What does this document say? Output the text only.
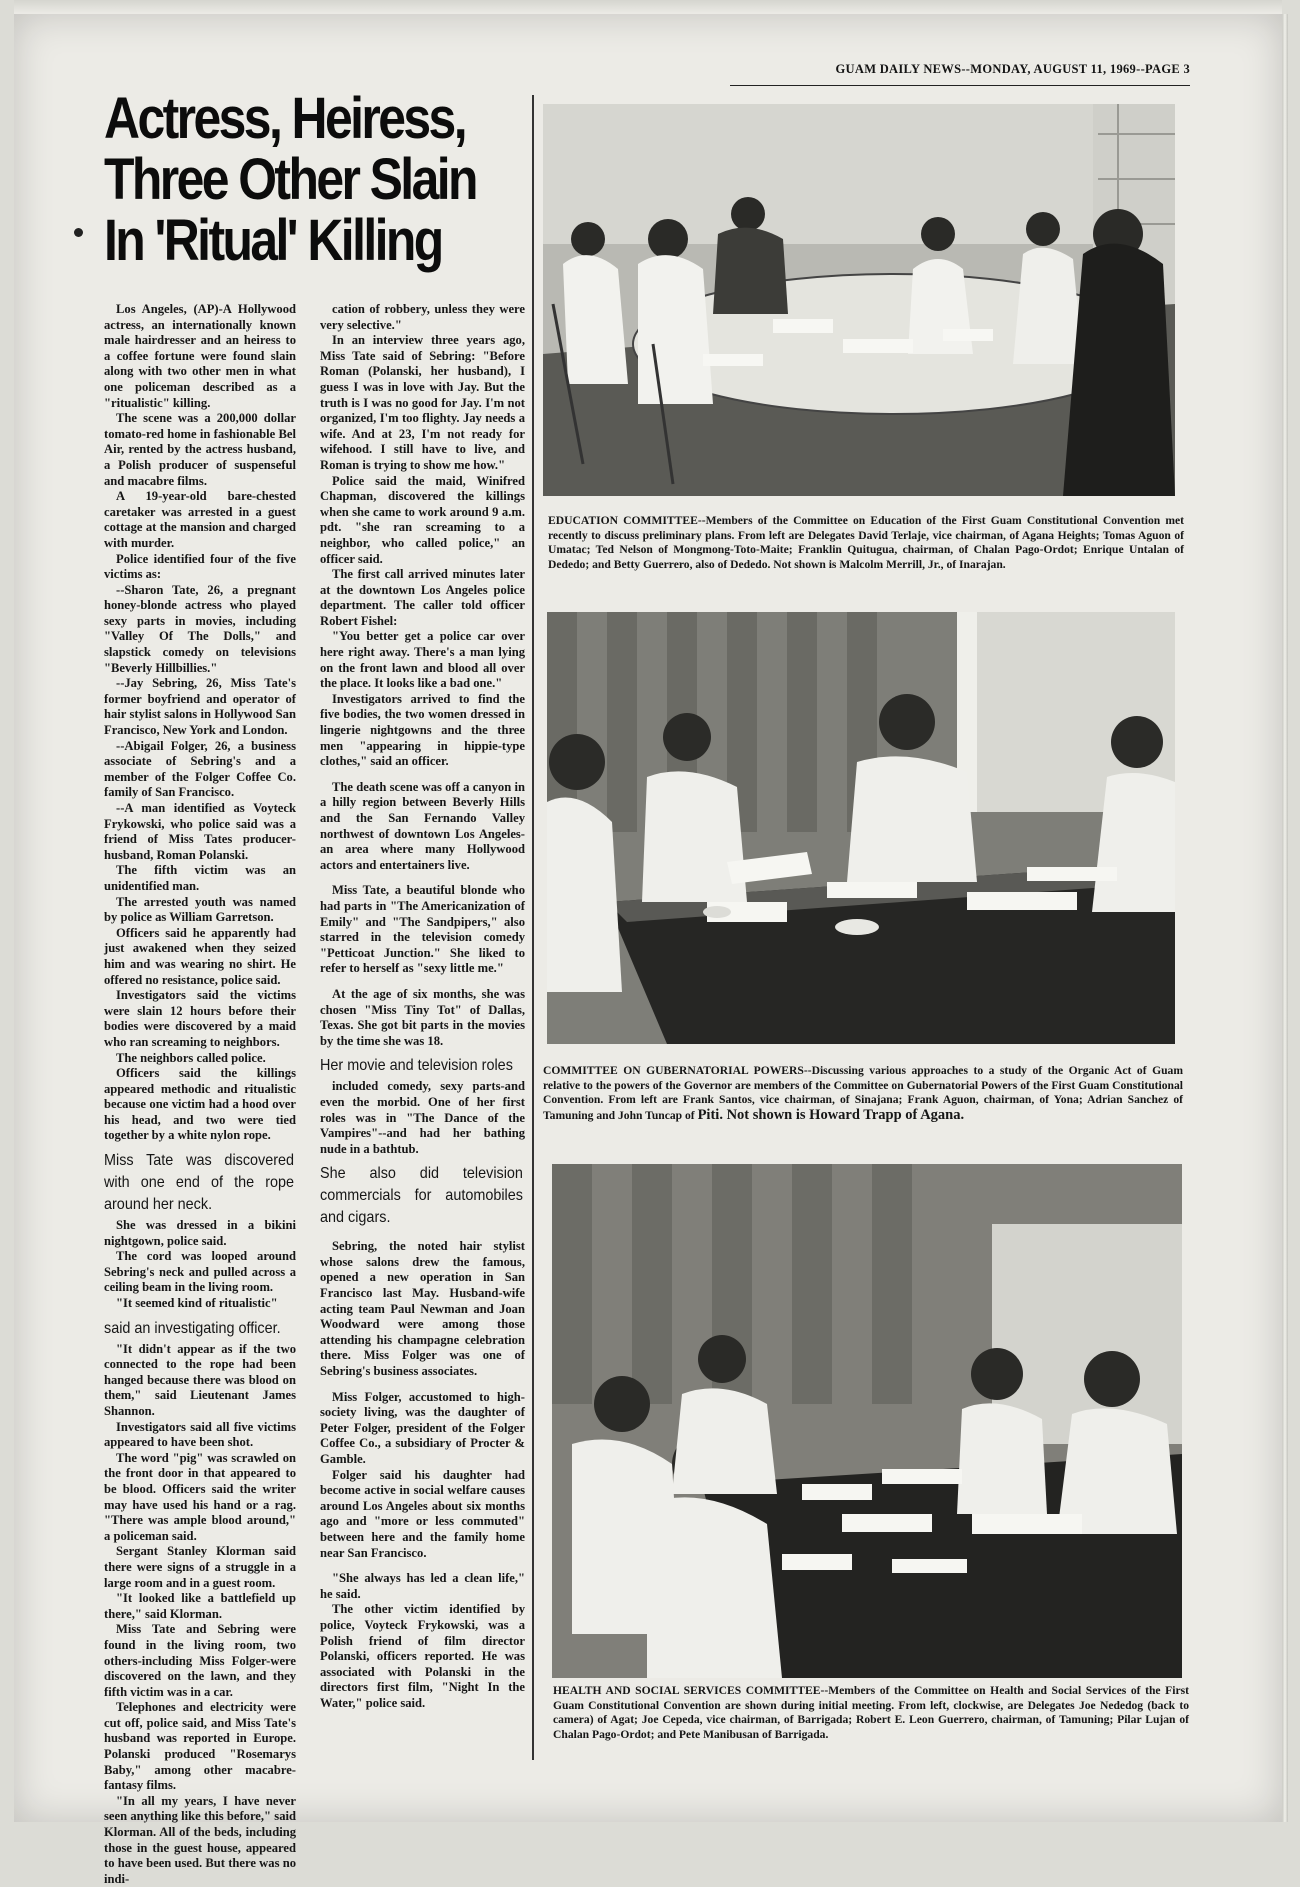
GUAM DAILY NEWS--MONDAY, AUGUST 11, 1969--PAGE 3
Actress, Heiress,
Three Other Slain
In 'Ritual' Killing

Los Angeles, (AP)-A Hollywood actress, an internationally known male hairdresser and an heiress to a coffee fortune were found slain along with two other men in what one policeman described as a "ritualistic" killing.

The scene was a 200,000 dollar tomato-red home in fashionable Bel Air, rented by the actress husband, a Polish producer of suspenseful and macabre films.

A 19-year-old bare-chested caretaker was arrested in a guest cottage at the mansion and charged with murder.

Police identified four of the five victims as:

--Sharon Tate, 26, a pregnant honey-blonde actress who played sexy parts in movies, including "Valley Of The Dolls," and slapstick comedy on televisions "Beverly Hillbillies."

--Jay Sebring, 26, Miss Tate's former boyfriend and operator of hair stylist salons in Hollywood San Francisco, New York and London.

--Abigail Folger, 26, a business associate of Sebring's and a member of the Folger Coffee Co. family of San Francisco.

--A man identified as Voyteck Frykowski, who police said was a friend of Miss Tates producer-husband, Roman Polanski.

The fifth victim was an unidentified man.

The arrested youth was named by police as William Garretson.

Officers said he apparently had just awakened when they seized him and was wearing no shirt. He offered no resistance, police said.

Investigators said the victims were slain 12 hours before their bodies were discovered by a maid who ran screaming to neighbors.

The neighbors called police.

Officers said the killings appeared methodic and ritualistic because one victim had a hood over his head, and two were tied together by a white nylon rope.

Miss Tate was discovered with one end of the rope around her neck.

She was dressed in a bikini nightgown, police said.

The cord was looped around Sebring's neck and pulled across a ceiling beam in the living room.

"It seemed kind of ritualistic"

said an investigating officer.

"It didn't appear as if the two connected to the rope had been hanged because there was blood on them," said Lieutenant James Shannon.

Investigators said all five victims appeared to have been shot.

The word "pig" was scrawled on the front door in that appeared to be blood. Officers said the writer may have used his hand or a rag. "There was ample blood around," a policeman said.

Sergant Stanley Klorman said there were signs of a struggle in a large room and in a guest room.

"It looked like a battlefield up there," said Klorman.

Miss Tate and Sebring were found in the living room, two others-including Miss Folger-were discovered on the lawn, and they fifth victim was in a car.

Telephones and electricity were cut off, police said, and Miss Tate's husband was reported in Europe. Polanski produced "Rosemarys Baby," among other macabre-fantasy films.

"In all my years, I have never seen anything like this before," said Klorman. All of the beds, including those in the guest house, appeared to have been used. But there was no indi-

cation of robbery, unless they were very selective."

In an interview three years ago, Miss Tate said of Sebring: "Before Roman (Polanski, her husband), I guess I was in love with Jay. But the truth is I was no good for Jay. I'm not organized, I'm too flighty. Jay needs a wife. And at 23, I'm not ready for wifehood. I still have to live, and Roman is trying to show me how."

Police said the maid, Winifred Chapman, discovered the killings when she came to work around 9 a.m. pdt. "she ran screaming to a neighbor, who called police," an officer said.

The first call arrived minutes later at the downtown Los Angeles police department. The caller told officer Robert Fishel:

"You better get a police car over here right away. There's a man lying on the front lawn and blood all over the place. It looks like a bad one."

Investigators arrived to find the five bodies, the two women dressed in lingerie nightgowns and the three men "appearing in hippie-type clothes," said an officer.

The death scene was off a canyon in a hilly region between Beverly Hills and the San Fernando Valley northwest of downtown Los Angeles-an area where many Hollywood actors and entertainers live.

Miss Tate, a beautiful blonde who had parts in "The Americanization of Emily" and "The Sandpipers," also starred in the television comedy "Petticoat Junction." She liked to refer to herself as "sexy little me."

At the age of six months, she was chosen "Miss Tiny Tot" of Dallas, Texas. She got bit parts in the movies by the time she was 18.

Her movie and television roles

included comedy, sexy parts-and even the morbid. One of her first roles was in "The Dance of the Vampires"--and had her bathing nude in a bathtub.

She also did television commercials for automobiles and cigars.

Sebring, the noted hair stylist whose salons drew the famous, opened a new operation in San Francisco last May. Husband-wife acting team Paul Newman and Joan Woodward were among those attending his champagne celebration there. Miss Folger was one of Sebring's business associates.

Miss Folger, accustomed to high-society living, was the daughter of Peter Folger, president of the Folger Coffee Co., a subsidiary of Procter & Gamble.

Folger said his daughter had become active in social welfare causes around Los Angeles about six months ago and "more or less commuted" between here and the family home near San Francisco.

"She always has led a clean life," he said.

The other victim identified by police, Voyteck Frykowski, was a Polish friend of film director Polanski, officers reported. He was associated with Polanski in the directors first film, "Night In the Water," police said.

EDUCATION COMMITTEE--Members of the Committee on Education of the First Guam Constitutional Convention met recently to discuss preliminary plans. From left are Delegates David Terlaje, vice chairman, of Agana Heights; Tomas Aguon of Umatac; Ted Nelson of Mongmong-Toto-Maite; Franklin Quitugua, chairman, of Chalan Pago-Ordot; Enrique Untalan of Dededo; and Betty Guerrero, also of Dededo. Not shown is Malcolm Merrill, Jr., of Inarajan.
COMMITTEE ON GUBERNATORIAL POWERS--Discussing various approaches to a study of the Organic Act of Guam relative to the powers of the Governor are members of the Committee on Gubernatorial Powers of the First Guam Constitutional Convention. From left are Frank Santos, vice chairman, of Sinajana; Frank Aguon, chairman, of Yona; Adrian Sanchez of Tamuning and John Tuncap of Piti. Not shown is Howard Trapp of Agana.
HEALTH AND SOCIAL SERVICES COMMITTEE--Members of the Committee on Health and Social Services of the First Guam Constitutional Convention are shown during initial meeting. From left, clockwise, are Delegates Joe Nededog (back to camera) of Agat; Joe Cepeda, vice chairman, of Barrigada; Robert E. Leon Guerrero, chairman, of Tamuning; Pilar Lujan of Chalan Pago-Ordot; and Pete Manibusan of Barrigada.
